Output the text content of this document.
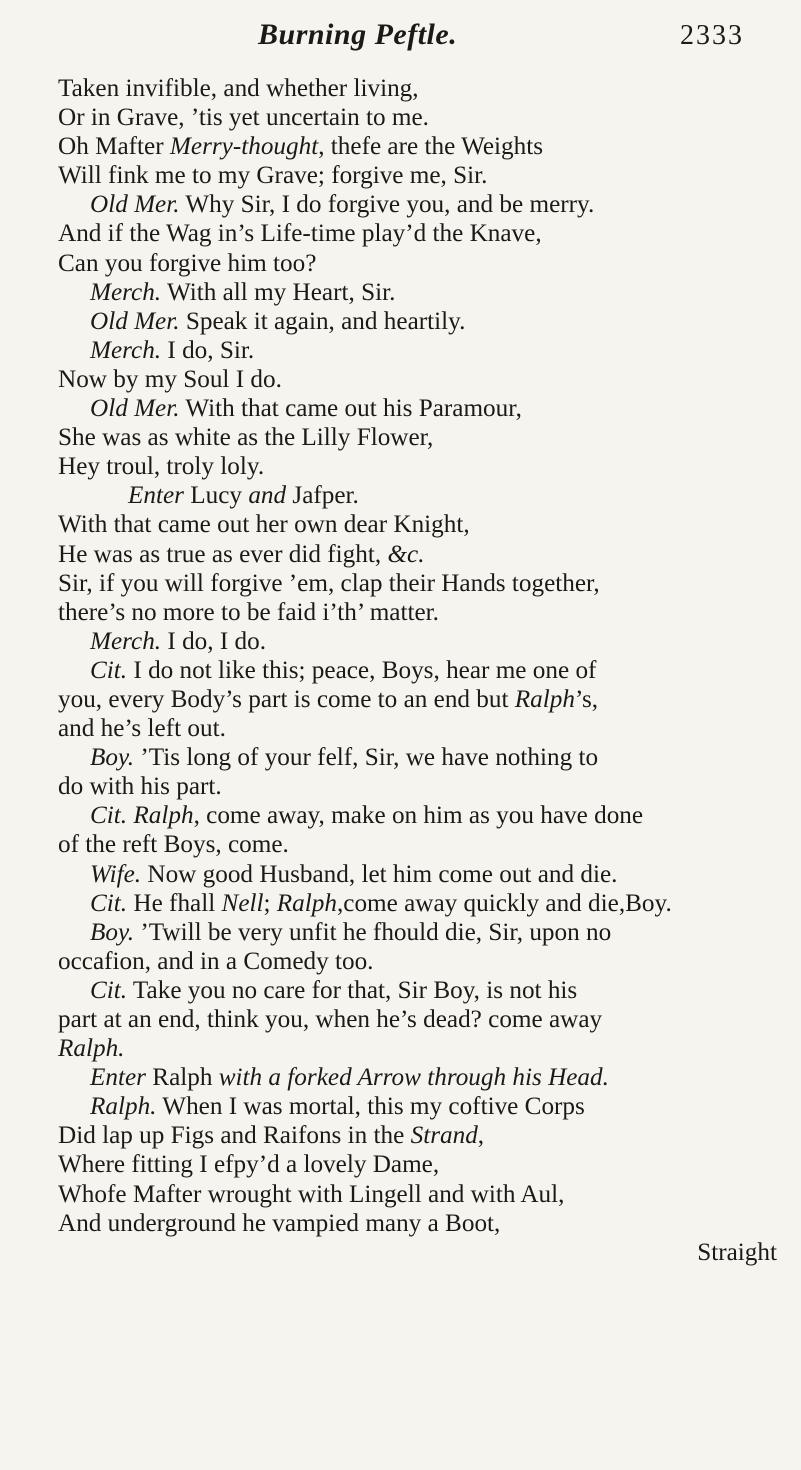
Burning Peftle.	2333
Taken invifible, and whether living,
Or in Grave, ’tis yet uncertain to me.
Oh Mafter Merry-thought, thefe are the Weights
Will fink me to my Grave; forgive me, Sir.
Old Mer. Why Sir, I do forgive you, and be merry.
And if the Wag in’s Life-time play’d the Knave,
Can you forgive him too?
Merch. With all my Heart, Sir.
Old Mer. Speak it again, and heartily.
Merch. I do, Sir.
Now by my Soul I do.
Old Mer. With that came out his Paramour,
She was as white as the Lilly Flower,
Hey troul, troly loly.
Enter Lucy and Jafper.
With that came out her own dear Knight,
He was as true as ever did fight, &c.
Sir, if you will forgive ’em, clap their Hands together,
there’s no more to be faid i’th’ matter.
Merch. I do, I do.
Cit. I do not like this; peace, Boys, hear me one of
you, every Body’s part is come to an end but Ralph’s,
and he’s left out.
Boy. ’Tis long of your felf, Sir, we have nothing to
do with his part.
Cit. Ralph, come away, make on him as you have done
of the reft Boys, come.
Wife. Now good Husband, let him come out and die.
Cit. He fhall Nell; Ralph,come away quickly and die,Boy.
Boy. ’Twill be very unfit he fhould die, Sir, upon no
occafion, and in a Comedy too.
Cit. Take you no care for that, Sir Boy, is not his
part at an end, think you, when he’s dead? come away
Ralph.
Enter Ralph with a forked Arrow through his Head.
Ralph. When I was mortal, this my coftive Corps
Did lap up Figs and Raifons in the Strand,
Where fitting I efpy’d a lovely Dame,
Whofe Mafter wrought with Lingell and with Aul,
And underground he vampied many a Boot,
Straight
